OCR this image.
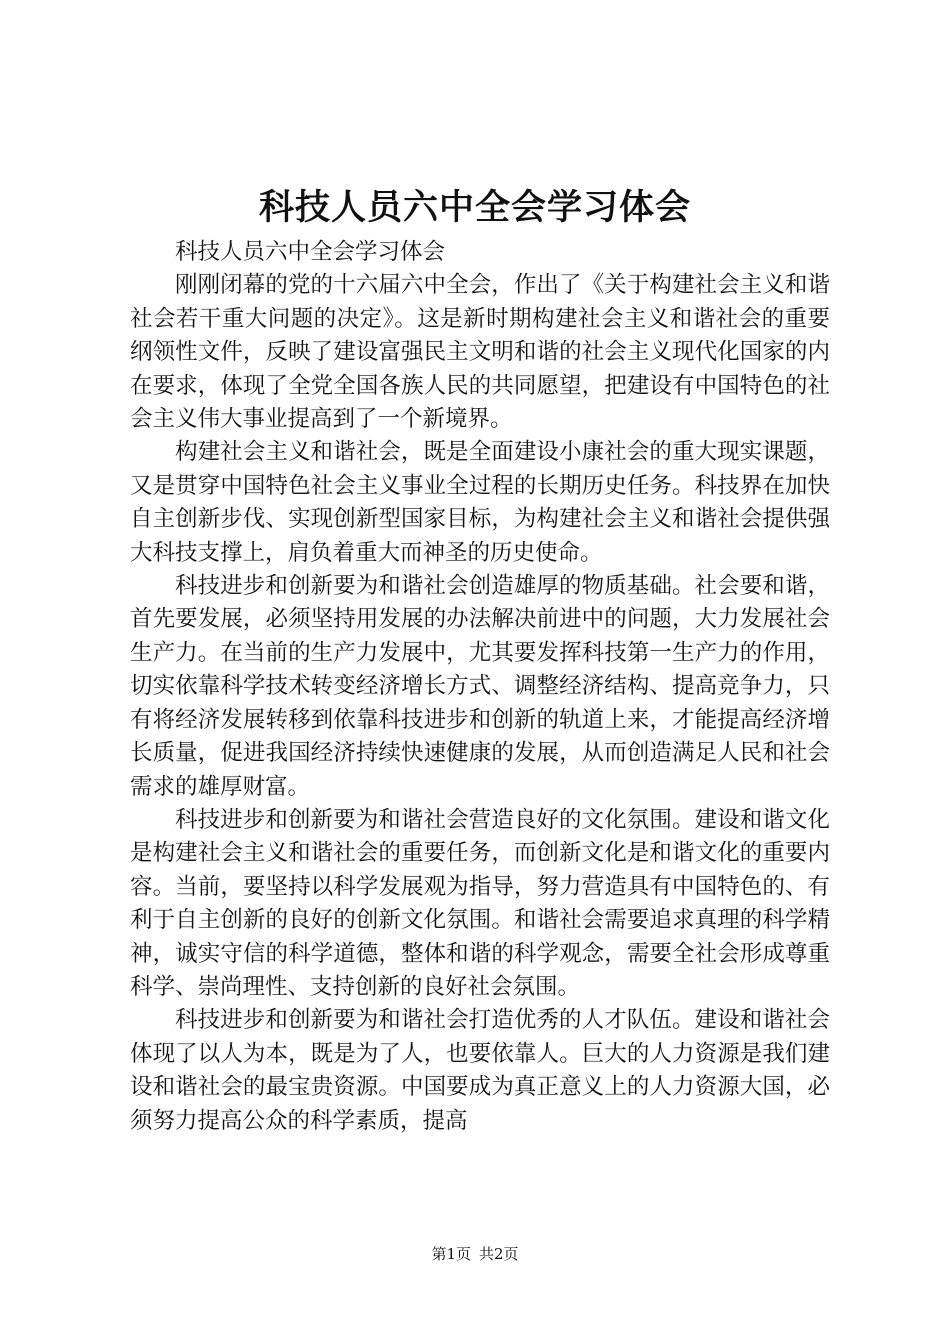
科技人员六中全会学习体会

科技人员六中全会学习体会

刚刚闭幕的党的十六届六中全会，作出了《关于构建社会主义和谐社会若干重大问题的决定》。这是新时期构建社会主义和谐社会的重要纲领性文件，反映了建设富强民主文明和谐的社会主义现代化国家的内在要求，体现了全党全国各族人民的共同愿望，把建设有中国特色的社会主义伟大事业提高到了一个新境界。

构建社会主义和谐社会，既是全面建设小康社会的重大现实课题，又是贯穿中国特色社会主义事业全过程的长期历史任务。科技界在加快自主创新步伐、实现创新型国家目标，为构建社会主义和谐社会提供强大科技支撑上，肩负着重大而神圣的历史使命。

科技进步和创新要为和谐社会创造雄厚的物质基础。社会要和谐，首先要发展，必须坚持用发展的办法解决前进中的问题，大力发展社会生产力。在当前的生产力发展中，尤其要发挥科技第一生产力的作用，切实依靠科学技术转变经济增长方式、调整经济结构、提高竞争力，只有将经济发展转移到依靠科技进步和创新的轨道上来，才能提高经济增长质量，促进我国经济持续快速健康的发展，从而创造满足人民和社会需求的雄厚财富。

科技进步和创新要为和谐社会营造良好的文化氛围。建设和谐文化是构建社会主义和谐社会的重要任务，而创新文化是和谐文化的重要内容。当前，要坚持以科学发展观为指导，努力营造具有中国特色的、有利于自主创新的良好的创新文化氛围。和谐社会需要追求真理的科学精神，诚实守信的科学道德，整体和谐的科学观念，需要全社会形成尊重科学、崇尚理性、支持创新的良好社会氛围。

科技进步和创新要为和谐社会打造优秀的人才队伍。建设和谐社会体现了以人为本，既是为了人，也要依靠人。巨大的人力资源是我们建设和谐社会的最宝贵资源。中国要成为真正意义上的人力资源大国，必须努力提高公众的科学素质，提高

第1页 共2页
